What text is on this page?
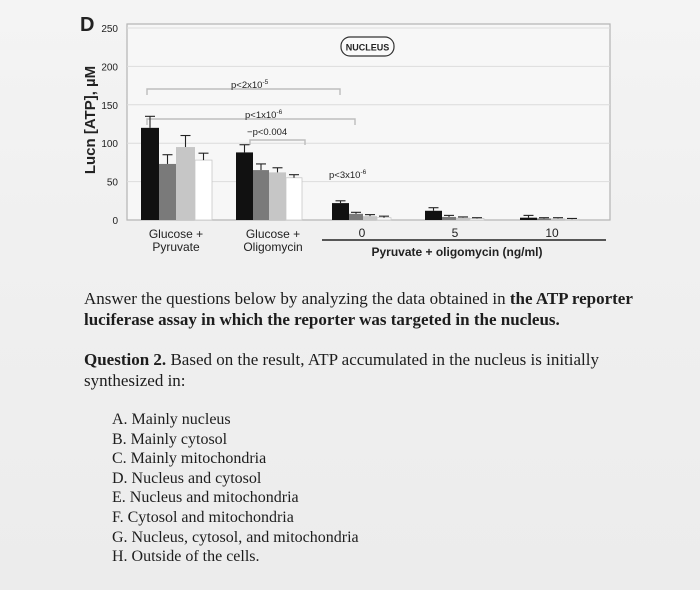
D
Lucn [ATP], µM
0
50
100
150
200
250
NUCLEUS
$p<2x10^{-5}$
$p<1x10^{-6}$
−p<0.004
$p<3x10^{-6}$
Glucose +
Pyruvate
Glucose +
Oligomycin
0	5	10
Pyruvate + oligomycin (ng/ml)

Answer the questions below by analyzing the data obtained in the ATP reporter luciferase assay in which the reporter was targeted in the nucleus.

Question 2. Based on the result, ATP accumulated in the nucleus is initially synthesized in:

A. Mainly nucleus
B. Mainly cytosol
C. Mainly mitochondria
D. Nucleus and cytosol
E. Nucleus and mitochondria
F. Cytosol and mitochondria
G. Nucleus, cytosol, and mitochondria
H. Outside of the cells.
